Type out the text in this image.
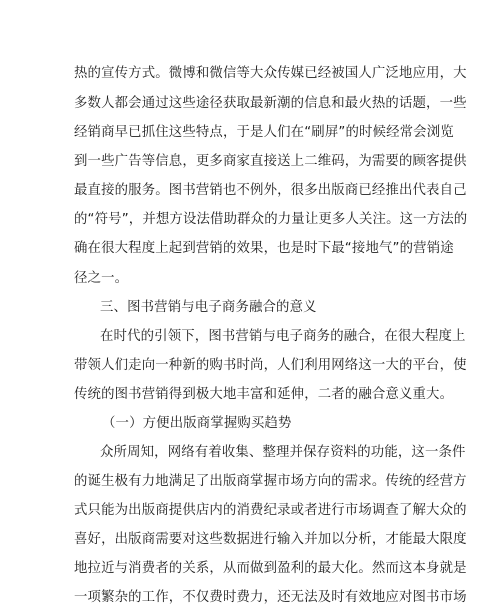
热的宣传方式。微博和微信等大众传媒已经被国人广泛地应用，大
多数人都会通过这些途径获取最新潮的信息和最火热的话题，一些
经销商早已抓住这些特点，于是人们在“刷屏”的时候经常会浏览
到一些广告等信息，更多商家直接送上二维码，为需要的顾客提供
最直接的服务。图书营销也不例外，很多出版商已经推出代表自己
的“符号”，并想方设法借助群众的力量让更多人关注。这一方法的
确在很大程度上起到营销的效果，也是时下最“接地气”的营销途
径之一。
三、图书营销与电子商务融合的意义
在时代的引领下，图书营销与电子商务的融合，在很大程度上
带领人们走向一种新的购书时尚，人们利用网络这一大的平台，使
传统的图书营销得到极大地丰富和延伸，二者的融合意义重大。
（一）方便出版商掌握购买趋势
众所周知，网络有着收集、整理并保存资料的功能，这一条件
的诞生极有力地满足了出版商掌握市场方向的需求。传统的经营方
式只能为出版商提供店内的消费纪录或者进行市场调查了解大众的
喜好，出版商需要对这些数据进行输入并加以分析，才能最大限度
地拉近与消费者的关系，从而做到盈利的最大化。然而这本身就是
一项繁杂的工作，不仅费时费力，还无法及时有效地应对图书市场
